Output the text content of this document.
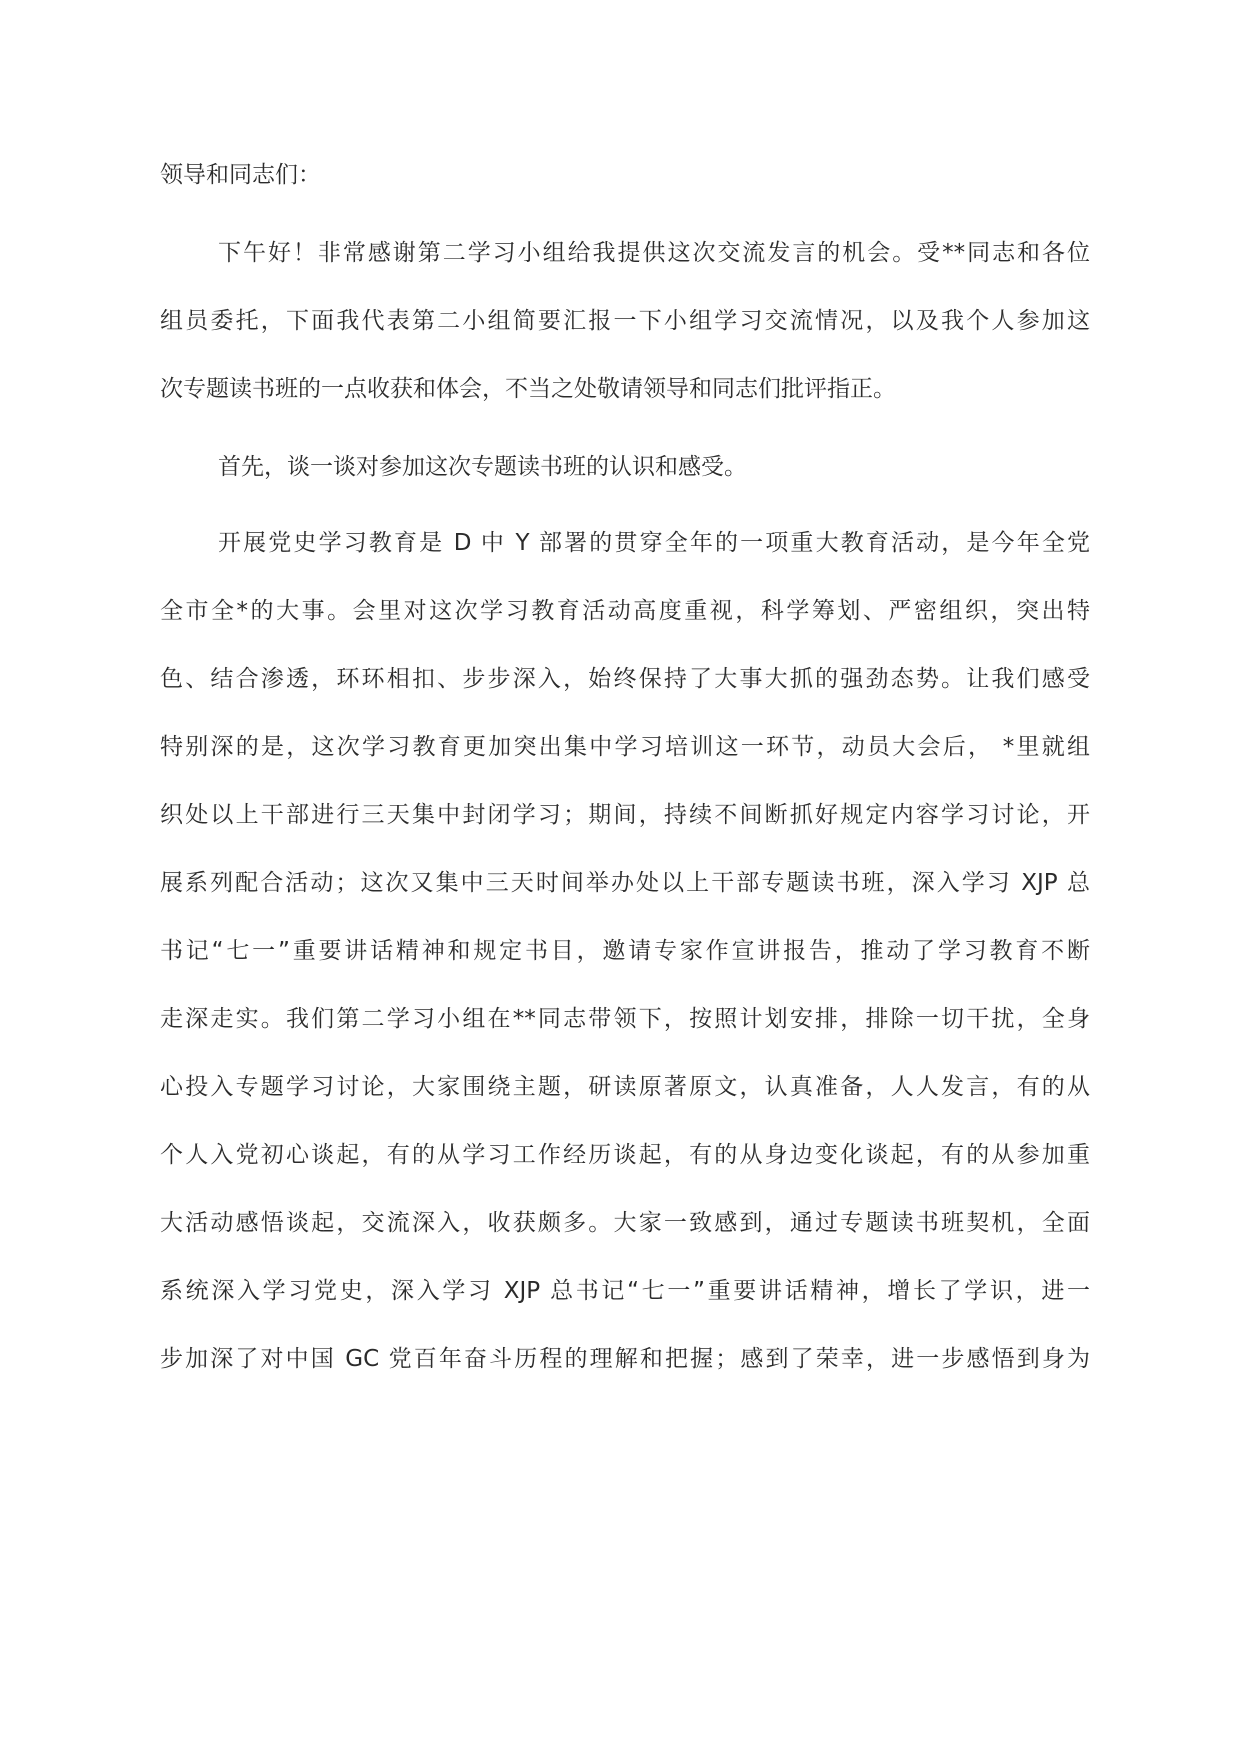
领导和同志们：
下午好！非常感谢第二学习小组给我提供这次交流发言的机会。受**同志和各位
组员委托，下面我代表第二小组简要汇报一下小组学习交流情况，以及我个人参加这
次专题读书班的一点收获和体会，不当之处敬请领导和同志们批评指正。
首先，谈一谈对参加这次专题读书班的认识和感受。
开展党史学习教育是 D 中 Y 部署的贯穿全年的一项重大教育活动，是今年全党
全市全*的大事。会里对这次学习教育活动高度重视，科学筹划、严密组织，突出特
色、结合渗透，环环相扣、步步深入，始终保持了大事大抓的强劲态势。让我们感受
特别深的是，这次学习教育更加突出集中学习培训这一环节，动员大会后， *里就组
织处以上干部进行三天集中封闭学习；期间，持续不间断抓好规定内容学习讨论，开
展系列配合活动；这次又集中三天时间举办处以上干部专题读书班，深入学习 XJP 总
书记“七一”重要讲话精神和规定书目，邀请专家作宣讲报告，推动了学习教育不断
走深走实。我们第二学习小组在**同志带领下，按照计划安排，排除一切干扰，全身
心投入专题学习讨论，大家围绕主题，研读原著原文，认真准备，人人发言，有的从
个人入党初心谈起，有的从学习工作经历谈起，有的从身边变化谈起，有的从参加重
大活动感悟谈起，交流深入，收获颇多。大家一致感到，通过专题读书班契机，全面
系统深入学习党史，深入学习 XJP 总书记“七一”重要讲话精神，增长了学识，进一
步加深了对中国 GC 党百年奋斗历程的理解和把握；感到了荣幸，进一步感悟到身为
